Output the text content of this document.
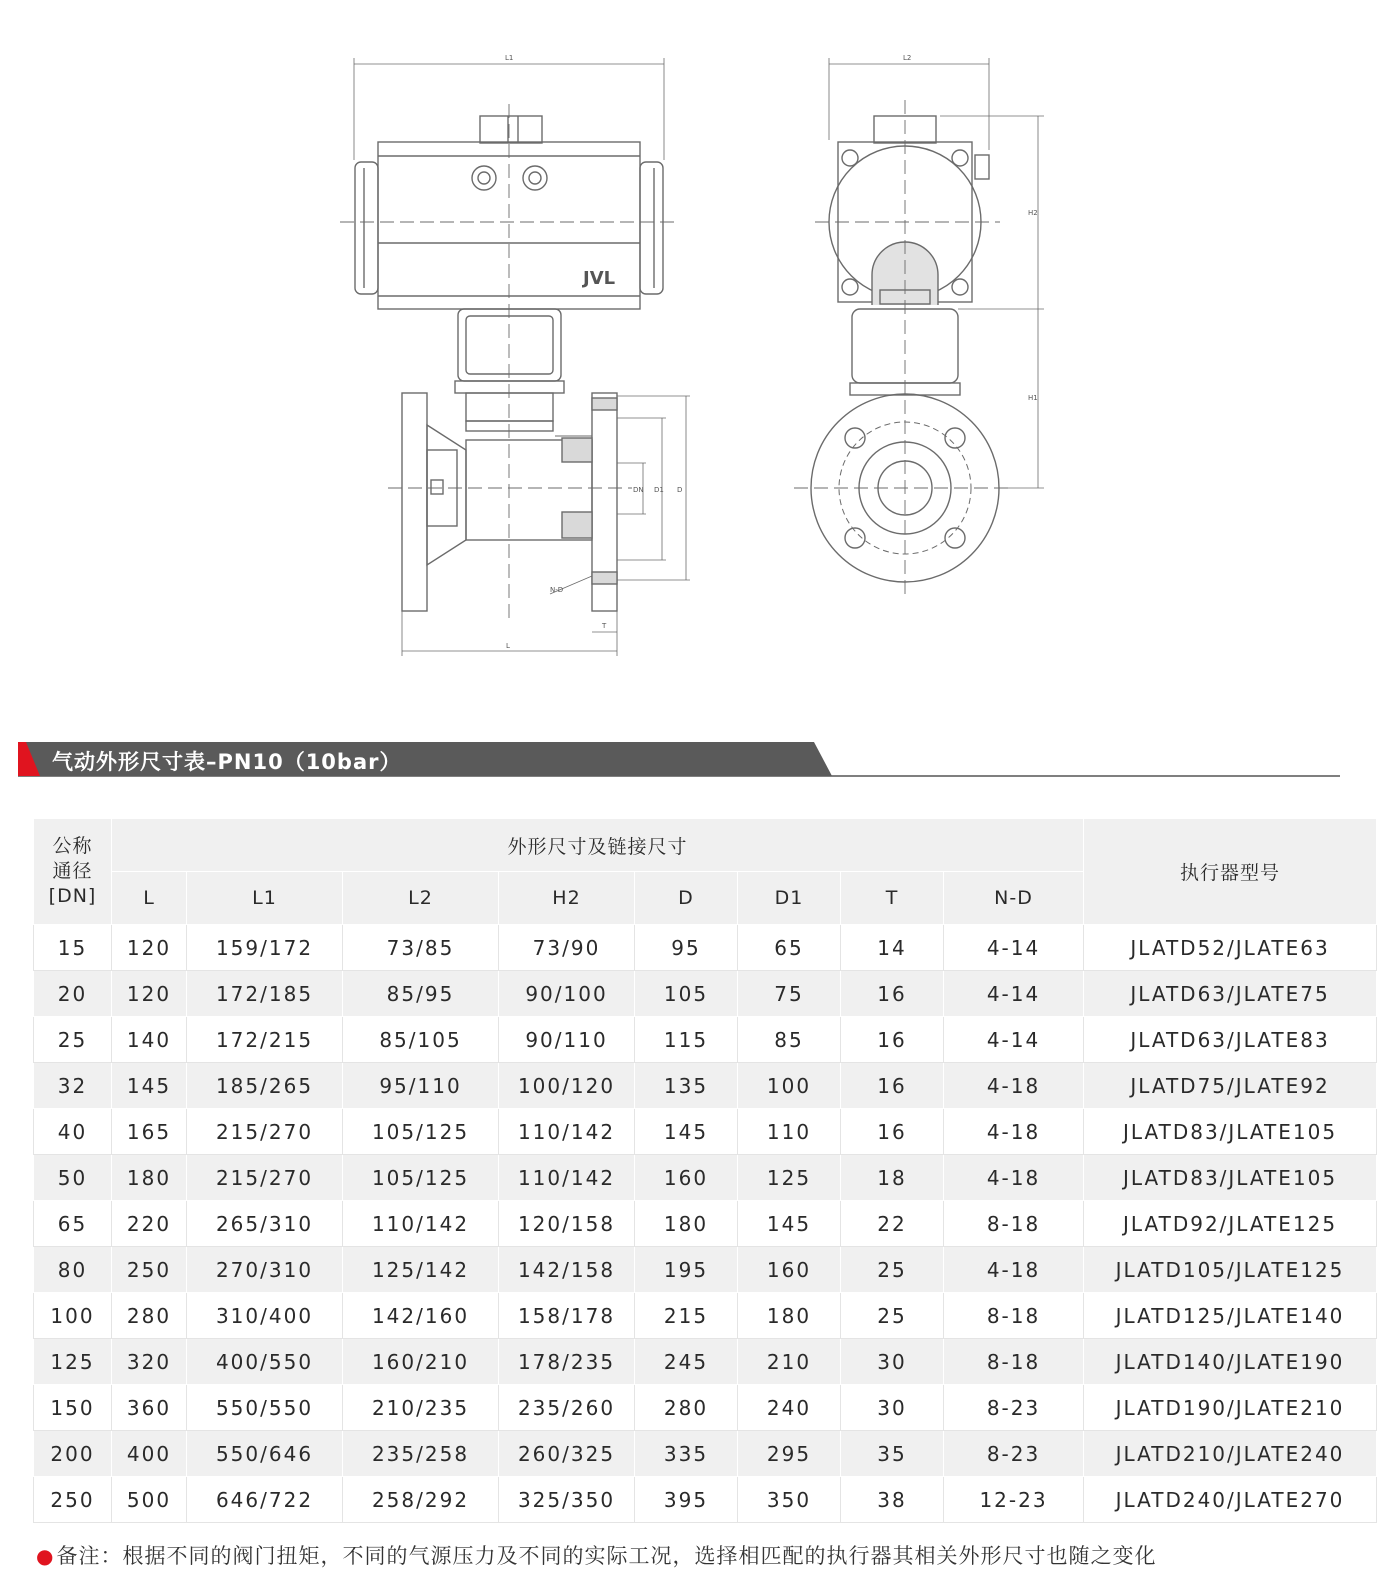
L1
L
DN D1 D
N-D
T
L2
H2
H1
JVL
气动外形尺寸表–PN10（10bar）
公称 通径 [DN]	外形尺寸及链接尺寸								执行器型号
	L	L1	L2	H2	D	D1	T	N-D	
15	120	159/172	73/85	73/90	95	65	14	4-14	JLATD52/JLATE63
20	120	172/185	85/95	90/100	105	75	16	4-14	JLATD63/JLATE75
25	140	172/215	85/105	90/110	115	85	16	4-14	JLATD63/JLATE83
32	145	185/265	95/110	100/120	135	100	16	4-18	JLATD75/JLATE92
40	165	215/270	105/125	110/142	145	110	16	4-18	JLATD83/JLATE105
50	180	215/270	105/125	110/142	160	125	18	4-18	JLATD83/JLATE105
65	220	265/310	110/142	120/158	180	145	22	8-18	JLATD92/JLATE125
80	250	270/310	125/142	142/158	195	160	25	4-18	JLATD105/JLATE125
100	280	310/400	142/160	158/178	215	180	25	8-18	JLATD125/JLATE140
125	320	400/550	160/210	178/235	245	210	30	8-18	JLATD140/JLATE190
150	360	550/550	210/235	235/260	280	240	30	8-23	JLATD190/JLATE210
200	400	550/646	235/258	260/325	335	295	35	8-23	JLATD210/JLATE240
250	500	646/722	258/292	325/350	395	350	38	12-23	JLATD240/JLATE270
●备注：根据不同的阀门扭矩，不同的气源压力及不同的实际工况，选择相匹配的执行器其相关外形尺寸也随之变化
